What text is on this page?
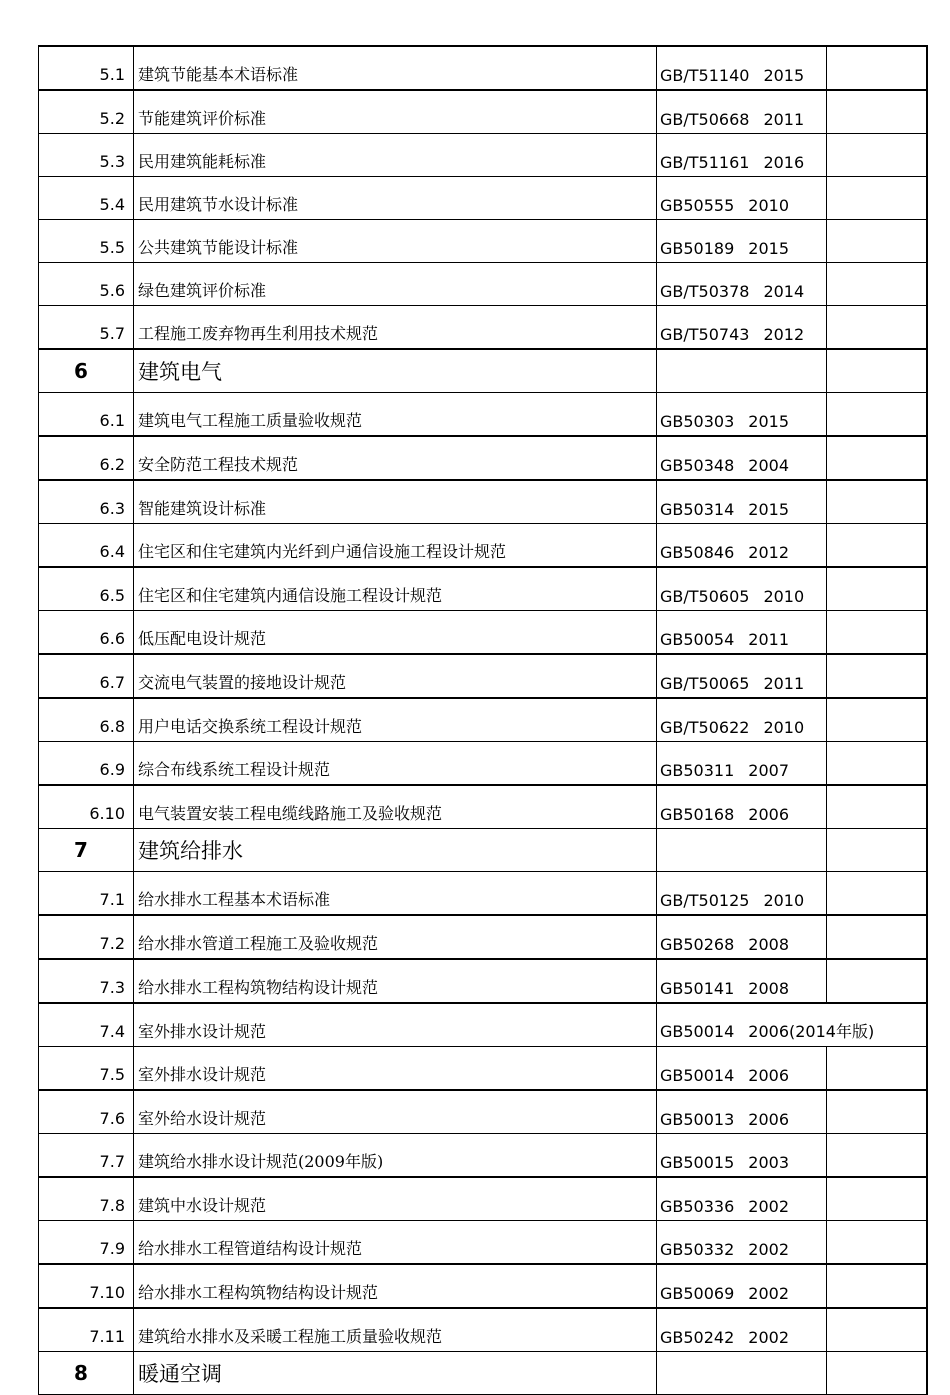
5.1	建筑节能基本术语标准	GB/T51140 2015	
5.2	节能建筑评价标准	GB/T50668 2011	
5.3	民用建筑能耗标准	GB/T51161 2016	
5.4	民用建筑节水设计标准	GB50555 2010	
5.5	公共建筑节能设计标准	GB50189 2015	
5.6	绿色建筑评价标准	GB/T50378 2014	
5.7	工程施工废弃物再生利用技术规范	GB/T50743 2012	
6	建筑电气		
6.1	建筑电气工程施工质量验收规范	GB50303 2015	
6.2	安全防范工程技术规范	GB50348 2004	
6.3	智能建筑设计标准	GB50314 2015	
6.4	住宅区和住宅建筑内光纤到户通信设施工程设计规范	GB50846 2012	
6.5	住宅区和住宅建筑内通信设施工程设计规范	GB/T50605 2010	
6.6	低压配电设计规范	GB50054 2011	
6.7	交流电气装置的接地设计规范	GB/T50065 2011	
6.8	用户电话交换系统工程设计规范	GB/T50622 2010	
6.9	综合布线系统工程设计规范	GB50311 2007	
6.10	电气装置安装工程电缆线路施工及验收规范	GB50168 2006	
7	建筑给排水		
7.1	给水排水工程基本术语标准	GB/T50125 2010	
7.2	给水排水管道工程施工及验收规范	GB50268 2008	
7.3	给水排水工程构筑物结构设计规范	GB50141 2008	
7.4	室外排水设计规范	GB50014 2006(2014年版)	
7.5	室外排水设计规范	GB50014 2006	
7.6	室外给水设计规范	GB50013 2006	
7.7	建筑给水排水设计规范(2009年版)	GB50015 2003	
7.8	建筑中水设计规范	GB50336 2002	
7.9	给水排水工程管道结构设计规范	GB50332 2002	
7.10	给水排水工程构筑物结构设计规范	GB50069 2002	
7.11	建筑给水排水及采暖工程施工质量验收规范	GB50242 2002	
8	暖通空调		
